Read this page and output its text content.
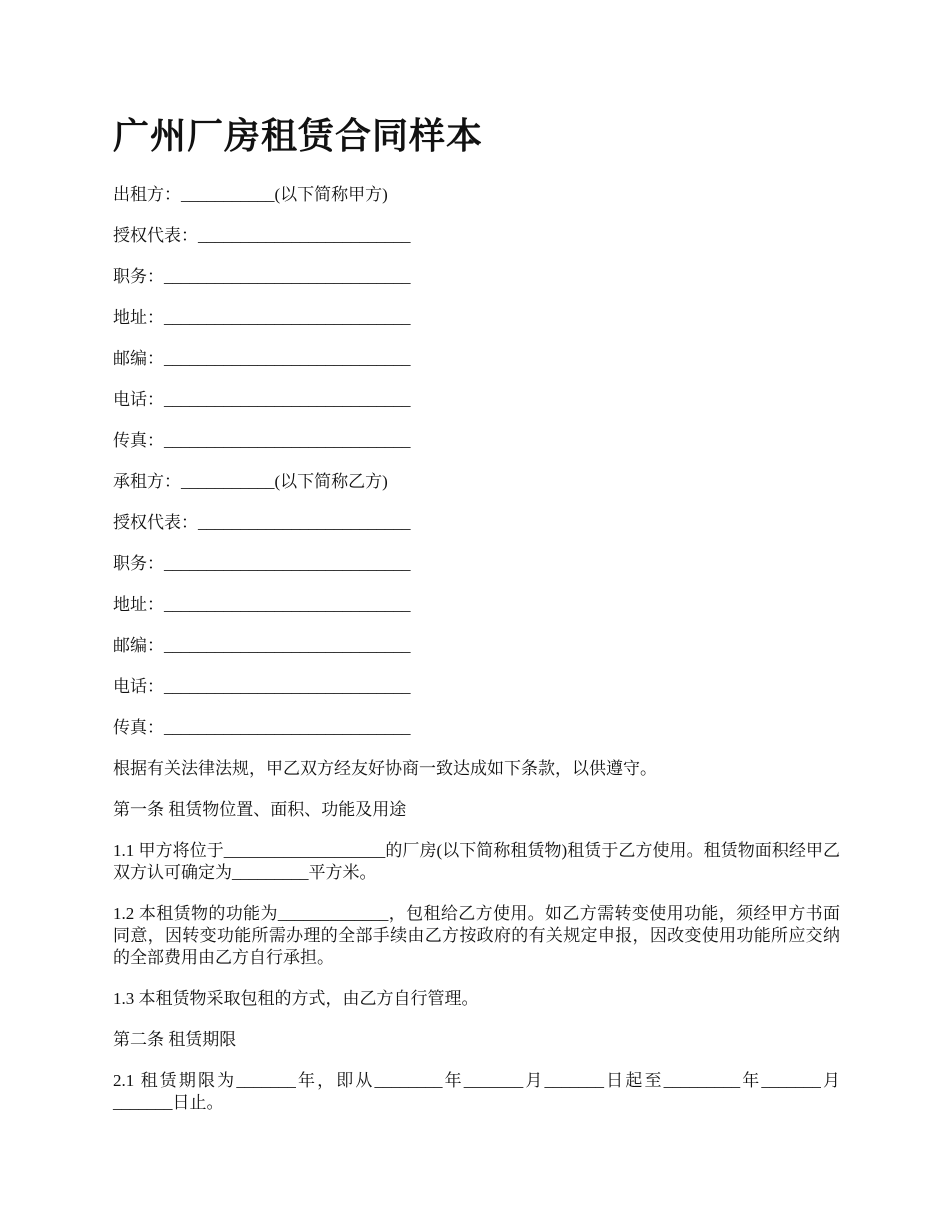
广州厂房租赁合同样本

出租方：___________(以下简称甲方)

授权代表：_________________________

职务：_____________________________

地址：_____________________________

邮编：_____________________________

电话：_____________________________

传真：_____________________________

承租方：___________(以下简称乙方)

授权代表：_________________________

职务：_____________________________

地址：_____________________________

邮编：_____________________________

电话：_____________________________

传真：_____________________________

根据有关法律法规，甲乙双方经友好协商一致达成如下条款，以供遵守。

第一条 租赁物位置、面积、功能及用途

1.1 甲方将位于___________________的厂房(以下简称租赁物)租赁于乙方使用。租赁物面积经甲乙双方认可确定为_________平方米。

1.2 本租赁物的功能为_____________，包租给乙方使用。如乙方需转变使用功能，须经甲方书面同意，因转变功能所需办理的全部手续由乙方按政府的有关规定申报，因改变使用功能所应交纳的全部费用由乙方自行承担。

1.3 本租赁物采取包租的方式，由乙方自行管理。

第二条 租赁期限

2.1 租赁期限为_______年，即从________年_______月_______日起至_________年_______月_______日止。
